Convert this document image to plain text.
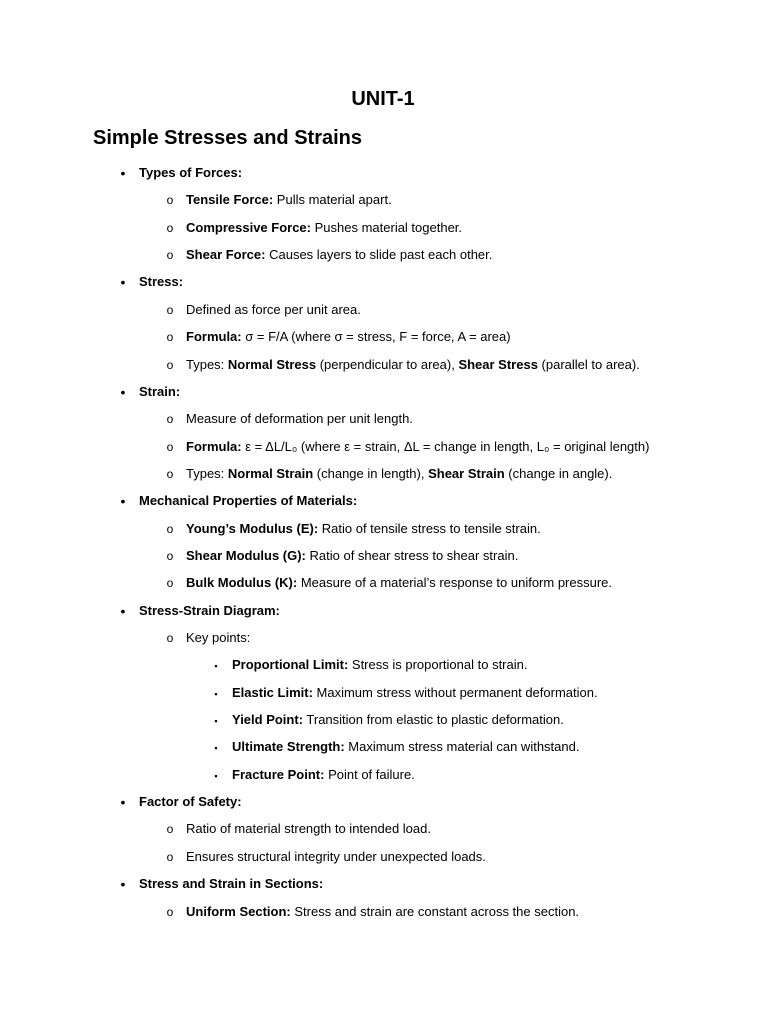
UNIT-1
Simple Stresses and Strains
• Types of Forces:
o Tensile Force: Pulls material apart.
o Compressive Force: Pushes material together.
o Shear Force: Causes layers to slide past each other.
• Stress:
o Defined as force per unit area.
o Formula: σ = F/A (where σ = stress, F = force, A = area)
o Types: Normal Stress (perpendicular to area), Shear Stress (parallel to area).
• Strain:
o Measure of deformation per unit length.
o Formula: ε = ΔL/L₀ (where ε = strain, ΔL = change in length, L₀ = original length)
o Types: Normal Strain (change in length), Shear Strain (change in angle).
• Mechanical Properties of Materials:
o Young’s Modulus (E): Ratio of tensile stress to tensile strain.
o Shear Modulus (G): Ratio of shear stress to shear strain.
o Bulk Modulus (K): Measure of a material’s response to uniform pressure.
• Stress-Strain Diagram:
o Key points:
▪	Proportional Limit: Stress is proportional to strain.
▪	Elastic Limit: Maximum stress without permanent deformation.
▪	Yield Point: Transition from elastic to plastic deformation.
▪	Ultimate Strength: Maximum stress material can withstand.
▪	Fracture Point: Point of failure.
• Factor of Safety:
o Ratio of material strength to intended load.
o Ensures structural integrity under unexpected loads.
• Stress and Strain in Sections:
o Uniform Section: Stress and strain are constant across the section.
